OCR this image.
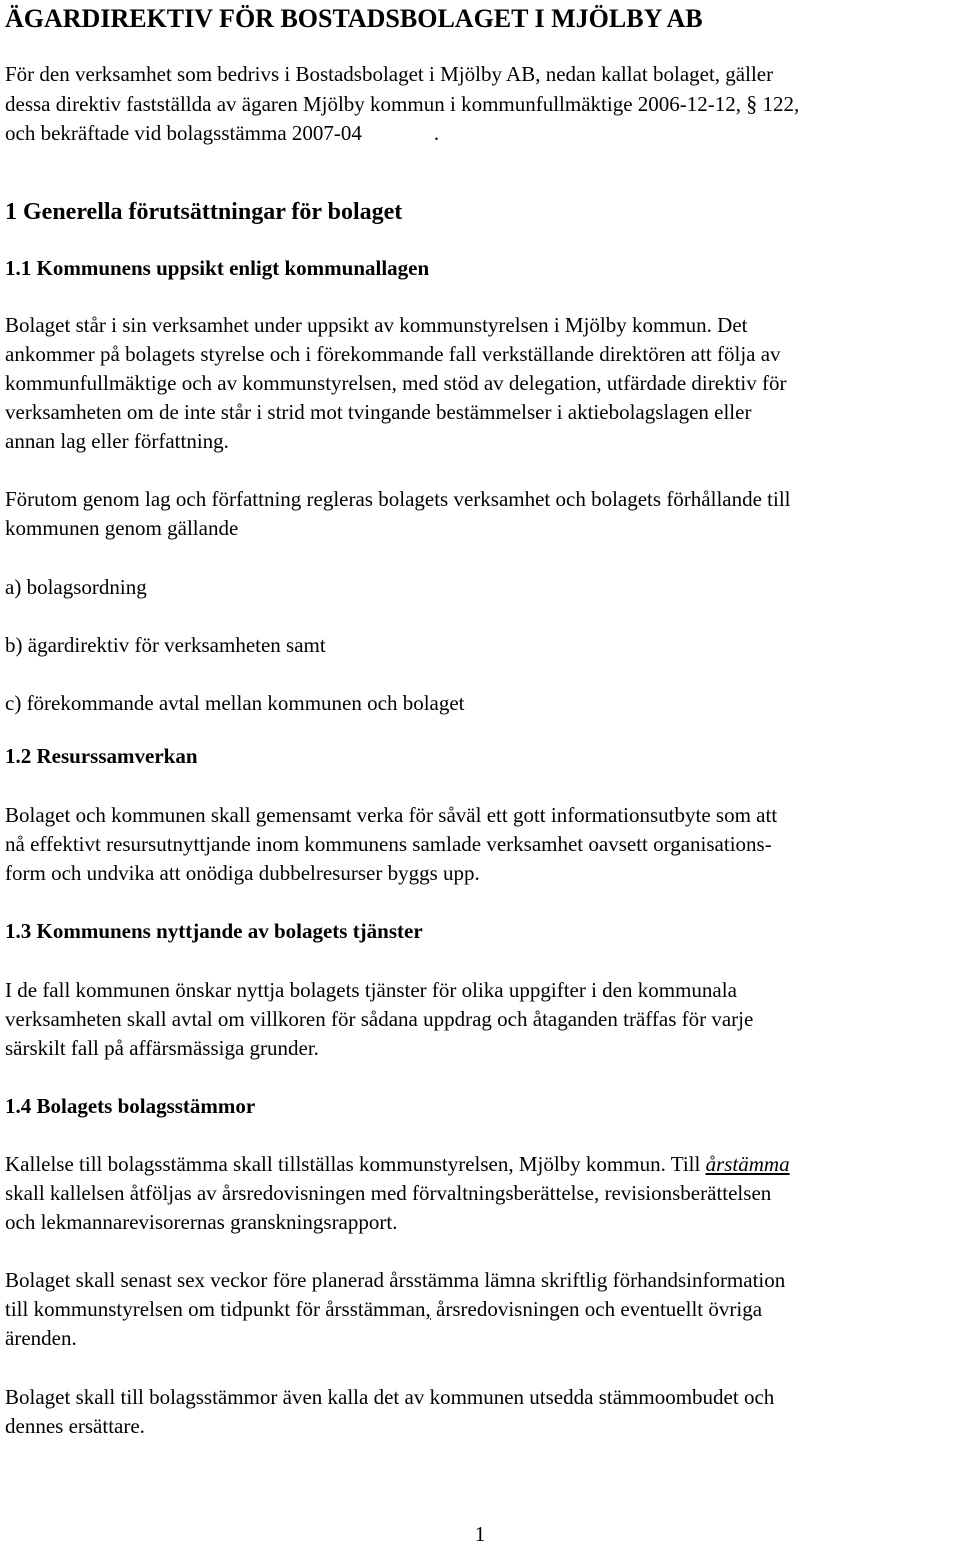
ÄGARDIREKTIV FÖR BOSTADSBOLAGET I MJÖLBY AB

För den verksamhet som bedrivs i Bostadsbolaget i Mjölby AB, nedan kallat bolaget, gäller
dessa direktiv fastställda av ägaren Mjölby kommun i kommunfullmäktige 2006-12-12, § 122,
och bekräftade vid bolagsstämma 2007-04	.

1 Generella förutsättningar för bolaget
1.1 Kommunens uppsikt enligt kommunallagen

Bolaget står i sin verksamhet under uppsikt av kommunstyrelsen i Mjölby kommun. Det
ankommer på bolagets styrelse och i förekommande fall verkställande direktören att följa av
kommunfullmäktige och av kommunstyrelsen, med stöd av delegation, utfärdade direktiv för
verksamheten om de inte står i strid mot tvingande bestämmelser i aktiebolagslagen eller
annan lag eller författning.

Förutom genom lag och författning regleras bolagets verksamhet och bolagets förhållande till
kommunen genom gällande

a) bolagsordning

b) ägardirektiv för verksamheten samt

c) förekommande avtal mellan kommunen och bolaget

1.2 Resurssamverkan

Bolaget och kommunen skall gemensamt verka för såväl ett gott informationsutbyte som att
nå effektivt resursutnyttjande inom kommunens samlade verksamhet oavsett organisations-
form och undvika att onödiga dubbelresurser byggs upp.

1.3 Kommunens nyttjande av bolagets tjänster

I de fall kommunen önskar nyttja bolagets tjänster för olika uppgifter i den kommunala
verksamheten skall avtal om villkoren för sådana uppdrag och åtaganden träffas för varje
särskilt fall på affärsmässiga grunder.

1.4 Bolagets bolagsstämmor

Kallelse till bolagsstämma skall tillställas kommunstyrelsen, Mjölby kommun. Till årstämma
skall kallelsen åtföljas av årsredovisningen med förvaltningsberättelse, revisionsberättelsen
och lekmannarevisorernas granskningsrapport.

Bolaget skall senast sex veckor före planerad årsstämma lämna skriftlig förhandsinformation
till kommunstyrelsen om tidpunkt för årsstämman, årsredovisningen och eventuellt övriga
ärenden.

Bolaget skall till bolagsstämmor även kalla det av kommunen utsedda stämmoombudet och
dennes ersättare.

1
